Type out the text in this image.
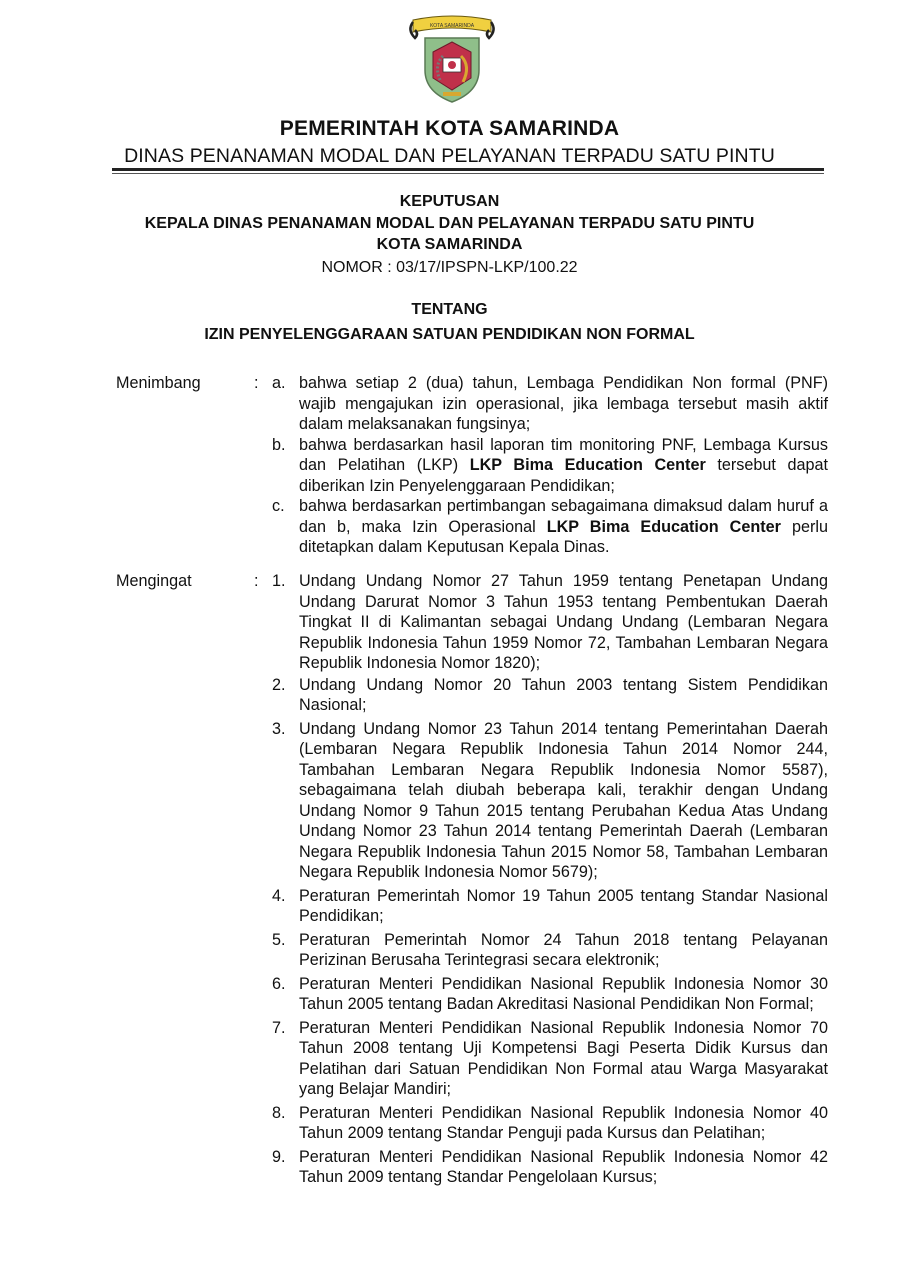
KOTA SAMARINDA
PEMERINTAH KOTA SAMARINDA
DINAS PENANAMAN MODAL DAN PELAYANAN TERPADU SATU PINTU
KEPUTUSAN
KEPALA DINAS PENANAMAN MODAL DAN PELAYANAN TERPADU SATU PINTU
KOTA SAMARINDA
NOMOR : 03/17/IPSPN-LKP/100.22
TENTANG
IZIN PENYELENGGARAAN SATUAN PENDIDIKAN NON FORMAL
Menimbang	: a. bahwa setiap 2 (dua) tahun, Lembaga Pendidikan Non formal (PNF) wajib mengajukan izin operasional, jika lembaga tersebut masih aktif dalam melaksanakan fungsinya;
b. bahwa berdasarkan hasil laporan tim monitoring PNF, Lembaga Kursus dan Pelatihan (LKP) LKP Bima Education Center tersebut dapat diberikan Izin Penyelenggaraan Pendidikan;
c. bahwa berdasarkan pertimbangan sebagaimana dimaksud dalam huruf a dan b, maka Izin Operasional LKP Bima Education Center perlu ditetapkan dalam Keputusan Kepala Dinas.
Mengingat	: 1. Undang Undang Nomor 27 Tahun 1959 tentang Penetapan Undang Undang Darurat Nomor 3 Tahun 1953 tentang Pembentukan Daerah Tingkat II di Kalimantan sebagai Undang Undang (Lembaran Negara Republik Indonesia Tahun 1959 Nomor 72, Tambahan Lembaran Negara Republik Indonesia Nomor 1820);
2. Undang Undang Nomor 20 Tahun 2003 tentang Sistem Pendidikan Nasional;
3. Undang Undang Nomor 23 Tahun 2014 tentang Pemerintahan Daerah (Lembaran Negara Republik Indonesia Tahun 2014 Nomor 244, Tambahan Lembaran Negara Republik Indonesia Nomor 5587), sebagaimana telah diubah beberapa kali, terakhir dengan Undang Undang Nomor 9 Tahun 2015 tentang Perubahan Kedua Atas Undang Undang Nomor 23 Tahun 2014 tentang Pemerintah Daerah (Lembaran Negara Republik Indonesia Tahun 2015 Nomor 58, Tambahan Lembaran Negara Republik Indonesia Nomor 5679);
4. Peraturan Pemerintah Nomor 19 Tahun 2005 tentang Standar Nasional Pendidikan;
5. Peraturan Pemerintah Nomor 24 Tahun 2018 tentang Pelayanan Perizinan Berusaha Terintegrasi secara elektronik;
6. Peraturan Menteri Pendidikan Nasional Republik Indonesia Nomor 30 Tahun 2005 tentang Badan Akreditasi Nasional Pendidikan Non Formal;
7. Peraturan Menteri Pendidikan Nasional Republik Indonesia Nomor 70 Tahun 2008 tentang Uji Kompetensi Bagi Peserta Didik Kursus dan Pelatihan dari Satuan Pendidikan Non Formal atau Warga Masyarakat yang Belajar Mandiri;
8. Peraturan Menteri Pendidikan Nasional Republik Indonesia Nomor 40 Tahun 2009 tentang Standar Penguji pada Kursus dan Pelatihan;
9. Peraturan Menteri Pendidikan Nasional Republik Indonesia Nomor 42 Tahun 2009 tentang Standar Pengelolaan Kursus;
